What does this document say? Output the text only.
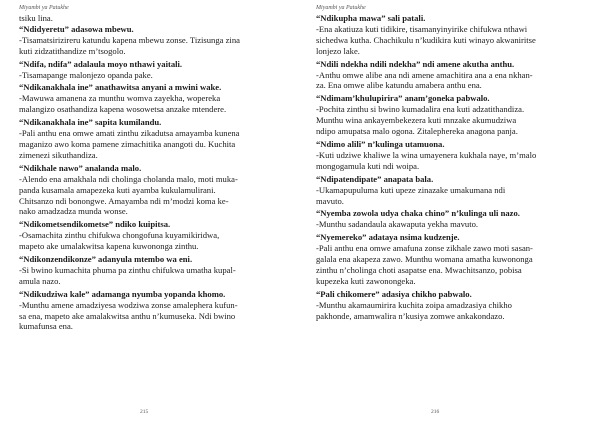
Miyambi ya Patukhe

tsiku lina.

“Ndidyeretu” adasowa mbewu.

-Tisamatsirizireru katundu kapena mbewu zonse. Tizisunga zina

kuti zidzatithandize m’tsogolo.

“Ndifa, ndifa” adalaula moyo nthawi yaitali.

-Tisamapange malonjezo opanda pake.

“Ndikanakhala ine” anathawitsa anyani a mwini wake.

-Mawuwa amanena za munthu womva zayekha, wopereka

malangizo osathandiza kapena wosowetsa anzake mtendere.

“Ndikanakhala ine” sapita kumilandu.

-Pali anthu ena omwe amati zinthu zikadutsa amayamba kunena

maganizo awo koma pamene zimachitika anangoti du. Kuchita

zimenezi sikuthandiza.

“Ndikhale nawo” analanda malo.

-Alendo ena amakhala ndi cholinga cholanda malo, moti muka-

panda kusamala amapezeka kuti ayamba kukulamulirani.

Chitsanzo ndi bonongwe. Amayamba ndi m’modzi koma ke-

nako amadzadza munda wonse.

“Ndikometsendikometse” ndiko kuipitsa.

-Osamachita zinthu chifukwa chongofuna kuyamikiridwa,

mapeto ake umalakwitsa kapena kuwononga zinthu.

“Ndikonzendikonze” adanyula mtembo wa eni.

-Si bwino kumachita phuma pa zinthu chifukwa umatha kupal-

amula nazo.

“Ndikudziwa kale” adamanga nyumba yopanda khomo.

-Munthu amene amadziyesa wodziwa zonse amalephera kufun-

sa ena, mapeto ake amalakwitsa anthu n’kumuseka. Ndi bwino

kumafunsa ena.

215
Miyambi ya Patukhe

“Ndikupha mawa” sali patali.

-Ena akatiuza kuti tidikire, tisamanyinyirike chifukwa nthawi

sichedwa kutha. Chachikulu n’kudikira kuti winayo akwaniritse

lonjezo lake.

“Ndili ndekha ndili ndekha” ndi amene akutha anthu.

-Anthu omwe alibe ana ndi amene amachitira ana a ena nkhan-

za. Ena omwe alibe katundu amabera anthu ena.

“Ndimam’khulupirira” anam’goneka pabwalo.

-Pochita zinthu si bwino kumadalira ena kuti adzatithandiza.

Munthu wina ankayembekezera kuti mnzake akumudziwa

ndipo amupatsa malo ogona. Zitalephereka anagona panja.

“Ndimo alili” n’kulinga utamuona.

-Kuti udziwe khaliwe la wina umayenera kukhala naye, m’malo

mongogamula kuti ndi woipa.

“Ndipatendipate” anapata bala.

-Ukamapupuluma kuti upeze zinazake umakumana ndi

mavuto.

“Nyemba zowola udya chaka chino” n’kulinga uli nazo.

-Munthu sadandaula akawaputa yekha mavuto.

“Nyemereko” adataya nsima kudzenje.

-Pali anthu ena omwe amafuna zonse zikhale zawo moti sasan-

galala ena akapeza zawo. Munthu womana amatha kuwononga

zinthu n’cholinga choti asapatse ena. Mwachitsanzo, pobisa

kupezeka kuti zawonongeka.

“Pali chikomere” adasiya chikho pabwalo.

-Munthu akamaumirira kuchita zoipa amadzasiya chikho

pakhonde, amamwalira n’kusiya zomwe ankakondazo.

216
